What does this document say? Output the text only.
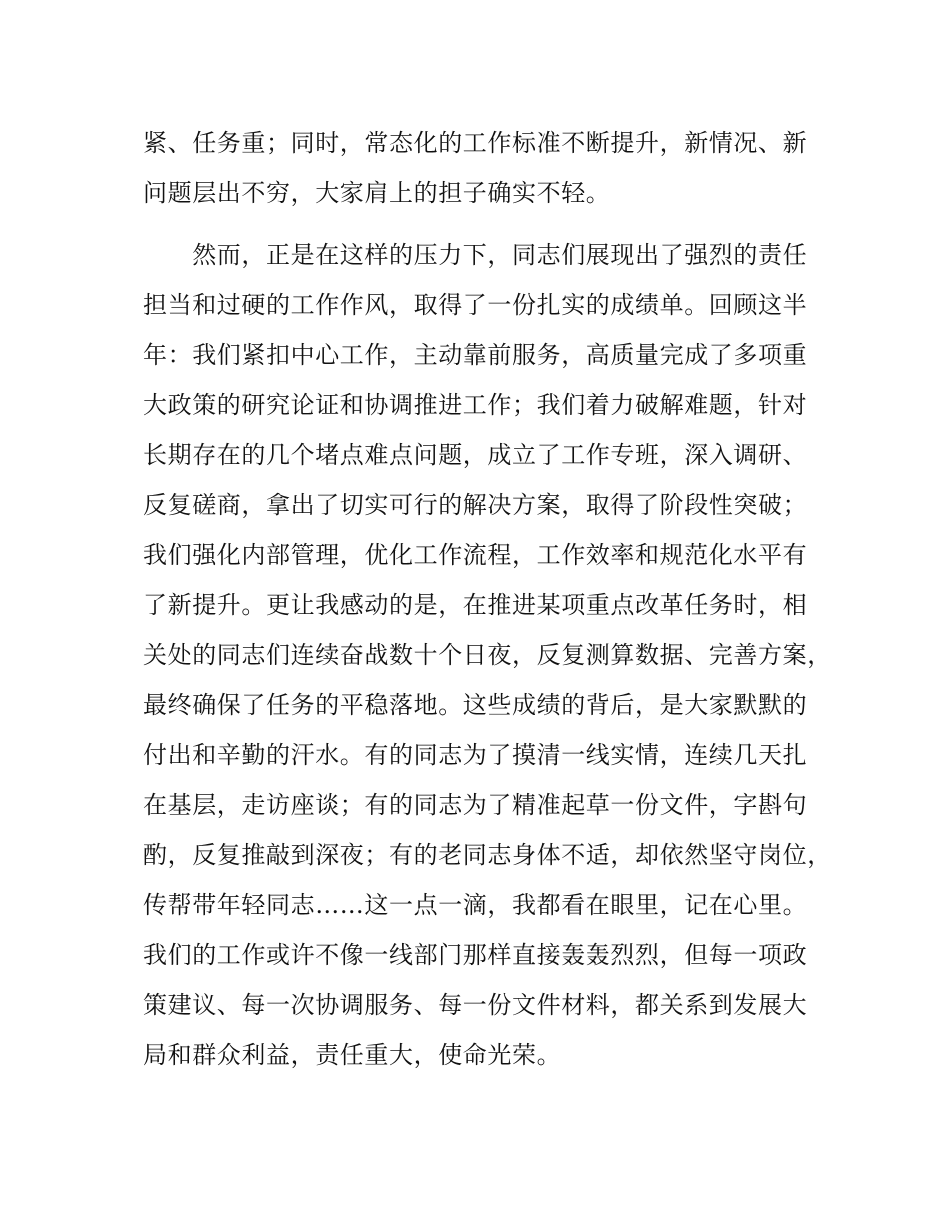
紧、任务重；同时，常态化的工作标准不断提升，新情况、新
问题层出不穷，大家肩上的担子确实不轻。
　　然而，正是在这样的压力下，同志们展现出了强烈的责任
担当和过硬的工作作风，取得了一份扎实的成绩单。回顾这半
年：我们紧扣中心工作，主动靠前服务，高质量完成了多项重
大政策的研究论证和协调推进工作；我们着力破解难题，针对
长期存在的几个堵点难点问题，成立了工作专班，深入调研、
反复磋商，拿出了切实可行的解决方案，取得了阶段性突破；
我们强化内部管理，优化工作流程，工作效率和规范化水平有
了新提升。更让我感动的是，在推进某项重点改革任务时，相
关处的同志们连续奋战数十个日夜，反复测算数据、完善方案，
最终确保了任务的平稳落地。这些成绩的背后，是大家默默的
付出和辛勤的汗水。有的同志为了摸清一线实情，连续几天扎
在基层，走访座谈；有的同志为了精准起草一份文件，字斟句
酌，反复推敲到深夜；有的老同志身体不适，却依然坚守岗位，
传帮带年轻同志……这一点一滴，我都看在眼里，记在心里。
我们的工作或许不像一线部门那样直接轰轰烈烈，但每一项政
策建议、每一次协调服务、每一份文件材料，都关系到发展大
局和群众利益，责任重大，使命光荣。
